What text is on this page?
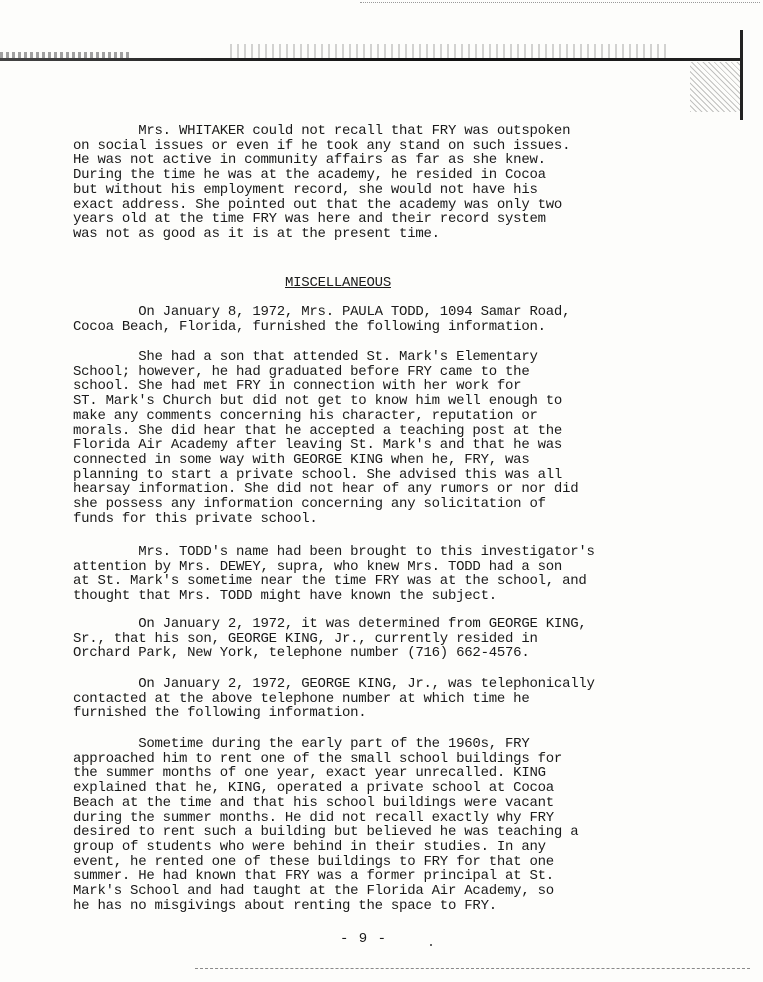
Mrs. WHITAKER could not recall that FRY was outspoken
on social issues or even if he took any stand on such issues.
He was not active in community affairs as far as she knew.
During the time he was at the academy, he resided in Cocoa
but without his employment record, she would not have his
exact address. She pointed out that the academy was only two
years old at the time FRY was here and their record system
was not as good as it is at the present time.

MISCELLANEOUS

On January 8, 1972, Mrs. PAULA TODD, 1094 Samar Road,
Cocoa Beach, Florida, furnished the following information.

She had a son that attended St. Mark's Elementary
School; however, he had graduated before FRY came to the
school. She had met FRY in connection with her work for
ST. Mark's Church but did not get to know him well enough to
make any comments concerning his character, reputation or
morals. She did hear that he accepted a teaching post at the
Florida Air Academy after leaving St. Mark's and that he was
connected in some way with GEORGE KING when he, FRY, was
planning to start a private school. She advised this was all
hearsay information. She did not hear of any rumors or nor did
she possess any information concerning any solicitation of
funds for this private school.

Mrs. TODD's name had been brought to this investigator's
attention by Mrs. DEWEY, supra, who knew Mrs. TODD had a son
at St. Mark's sometime near the time FRY was at the school, and
thought that Mrs. TODD might have known the subject.

On January 2, 1972, it was determined from GEORGE KING,
Sr., that his son, GEORGE KING, Jr., currently resided in
Orchard Park, New York, telephone number (716) 662-4576.

On January 2, 1972, GEORGE KING, Jr., was telephonically
contacted at the above telephone number at which time he
furnished the following information.

Sometime during the early part of the 1960s, FRY
approached him to rent one of the small school buildings for
the summer months of one year, exact year unrecalled. KING
explained that he, KING, operated a private school at Cocoa
Beach at the time and that his school buildings were vacant
during the summer months. He did not recall exactly why FRY
desired to rent such a building but believed he was teaching a
group of students who were behind in their studies. In any
event, he rented one of these buildings to FRY for that one
summer. He had known that FRY was a former principal at St.
Mark's School and had taught at the Florida Air Academy, so
he has no misgivings about renting the space to FRY.

- 9 -
